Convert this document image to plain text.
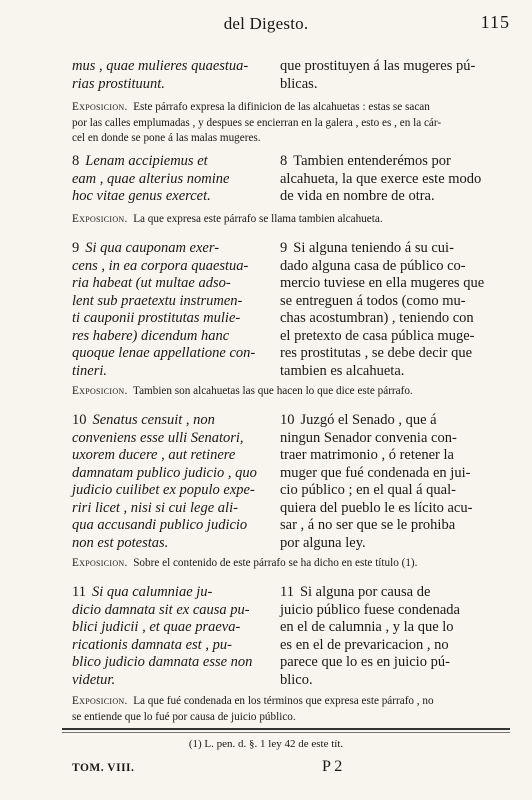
del Digesto.	115
mus , quae mulieres quaestua-
rias prostituunt.
que prostituyen á las mugeres pú-
blicas.
Exposicion. Este párrafo expresa la difinicion de las alcahuetas : estas se sacan
por las calles emplumadas , y despues se encierran en la galera , esto es , en la cár-
cel en donde se pone á las malas mugeres.
8 Lenam accipiemus et
eam , quae alterius nomine
hoc vitae genus exercet.
8 Tambien entenderémos por
alcahueta, la que exerce este modo
de vida en nombre de otra.
Exposicion. La que expresa este párrafo se llama tambien alcahueta.
9 Si qua cauponam exer-
cens , in ea corpora quaestua-
ria habeat (ut multae adso-
lent sub praetextu instrumen-
ti cauponii prostitutas mulie-
res habere) dicendum hanc
quoque lenae appellatione con-
tineri.
9 Si alguna teniendo á su cui-
dado alguna casa de público co-
mercio tuviese en ella mugeres que
se entreguen á todos (como mu-
chas acostumbran) , teniendo con
el pretexto de casa pública muge-
res prostitutas , se debe decir que
tambien es alcahueta.
Exposicion. Tambien son alcahuetas las que hacen lo que dice este párrafo.
10 Senatus censuit , non
conveniens esse ulli Senatori,
uxorem ducere , aut retinere
damnatam publico judicio , quo
judicio cuilibet ex populo expe-
riri licet , nisi si cui lege ali-
qua accusandi publico judicio
non est potestas.
10 Juzgó el Senado , que á
ningun Senador convenia con-
traer matrimonio , ó retener la
muger que fué condenada en jui-
cio público ; en el qual á qual-
quiera del pueblo le es lícito acu-
sar , á no ser que se le prohiba
por alguna ley.
Exposicion. Sobre el contenido de este párrafo se ha dicho en este título (1).
11 Si qua calumniae ju-
dicio damnata sit ex causa pu-
blici judicii , et quae praeva-
ricationis damnata est , pu-
blico judicio damnata esse non
videtur.
11 Si alguna por causa de
juicio público fuese condenada
en el de calumnia , y la que lo
es en el de prevaricacion , no
parece que lo es en juicio pú-
blico.
Exposicion. La que fué condenada en los términos que expresa este párrafo , no
se entiende que lo fué por causa de juicio público.
(1) L. pen. d. §. 1 ley 42 de este tít.
TOM. VIII.	P 2
